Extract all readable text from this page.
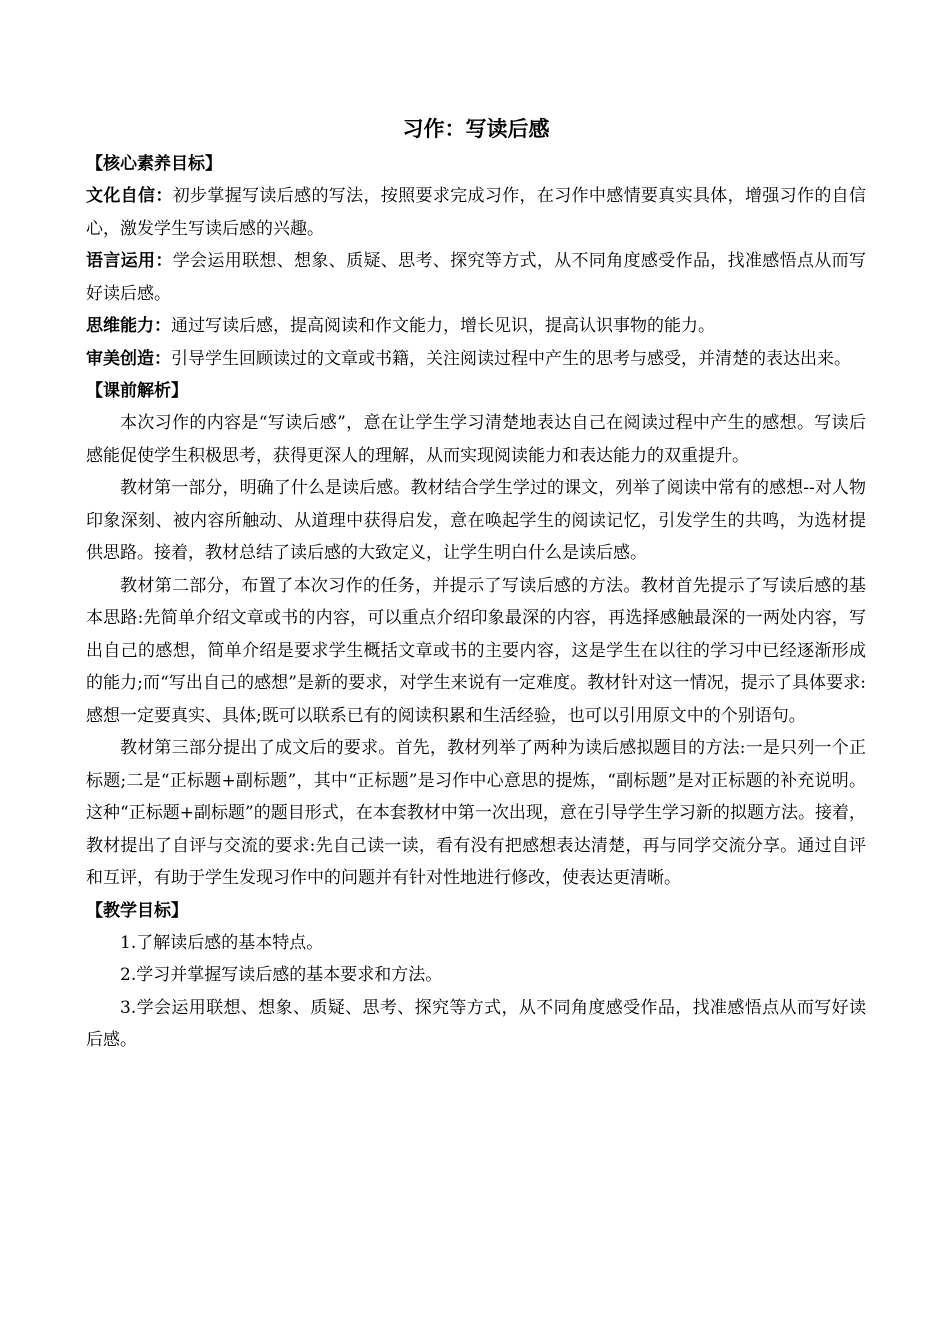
习作：写读后感
【核心素养目标】

文化自信：初步掌握写读后感的写法，按照要求完成习作，在习作中感情要真实具体，增强习作的自信心，激发学生写读后感的兴趣。

语言运用：学会运用联想、想象、质疑、思考、探究等方式，从不同角度感受作品，找准感悟点从而写好读后感。

思维能力：通过写读后感，提高阅读和作文能力，增长见识，提高认识事物的能力。

审美创造：引导学生回顾读过的文章或书籍，关注阅读过程中产生的思考与感受，并清楚的表达出来。

【课前解析】

本次习作的内容是“写读后感”，意在让学生学习清楚地表达自己在阅读过程中产生的感想。写读后感能促使学生积极思考，获得更深人的理解，从而实现阅读能力和表达能力的双重提升。

教材第一部分，明确了什么是读后感。教材结合学生学过的课文，列举了阅读中常有的感想--对人物印象深刻、被内容所触动、从道理中获得启发，意在唤起学生的阅读记忆，引发学生的共鸣，为选材提供思路。接着，教材总结了读后感的大致定义，让学生明白什么是读后感。

教材第二部分，布置了本次习作的任务，并提示了写读后感的方法。教材首先提示了写读后感的基本思路:先简单介绍文章或书的内容，可以重点介绍印象最深的内容，再选择感触最深的一两处内容，写出自己的感想，简单介绍是要求学生概括文章或书的主要内容，这是学生在以往的学习中已经逐渐形成的能力;而“写出自己的感想”是新的要求，对学生来说有一定难度。教材针对这一情况，提示了具体要求:感想一定要真实、具体;既可以联系已有的阅读积累和生活经验，也可以引用原文中的个别语句。

教材第三部分提出了成文后的要求。首先，教材列举了两种为读后感拟题目的方法:一是只列一个正标题;二是“正标题+副标题”，其中“正标题”是习作中心意思的提炼，“副标题”是对正标题的补充说明。这种“正标题+副标题”的题目形式，在本套教材中第一次出现，意在引导学生学习新的拟题方法。接着，教材提出了自评与交流的要求:先自己读一读，看有没有把感想表达清楚，再与同学交流分享。通过自评和互评，有助于学生发现习作中的问题并有针对性地进行修改，使表达更清晰。

【教学目标】

1.了解读后感的基本特点。

2.学习并掌握写读后感的基本要求和方法。

3.学会运用联想、想象、质疑、思考、探究等方式，从不同角度感受作品，找准感悟点从而写好读后感。
